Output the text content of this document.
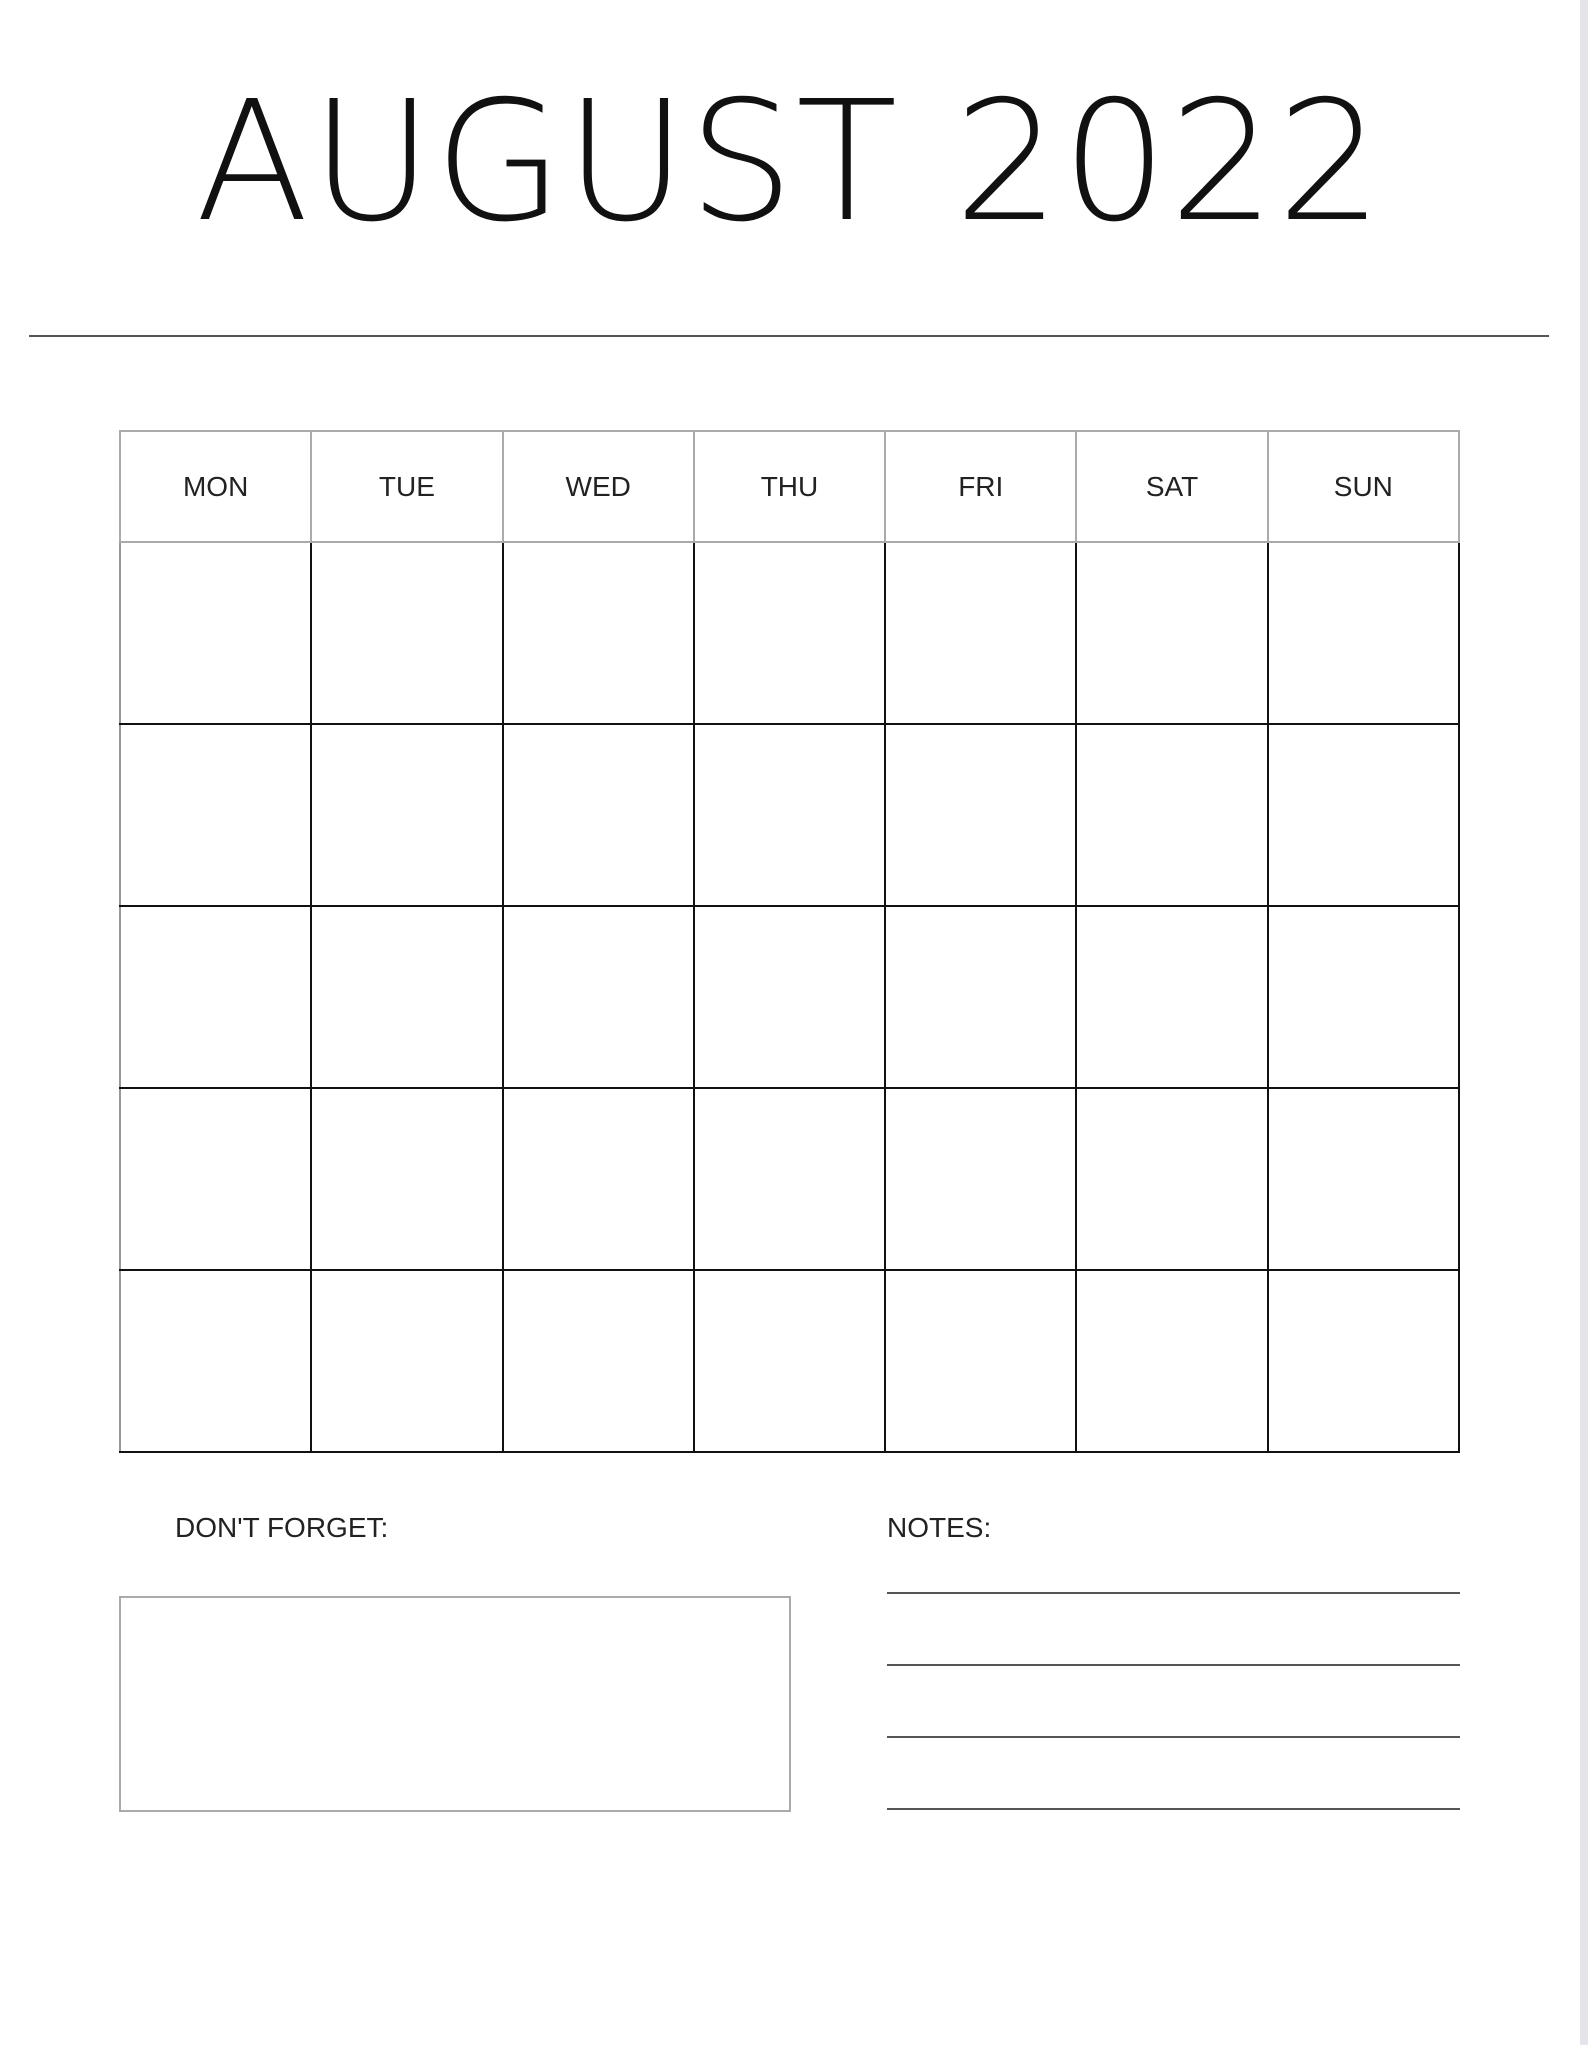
AUGUST 2022
MON	TUE	WED	THU	FRI	SAT	SUN

DON'T FORGET:	NOTES:
